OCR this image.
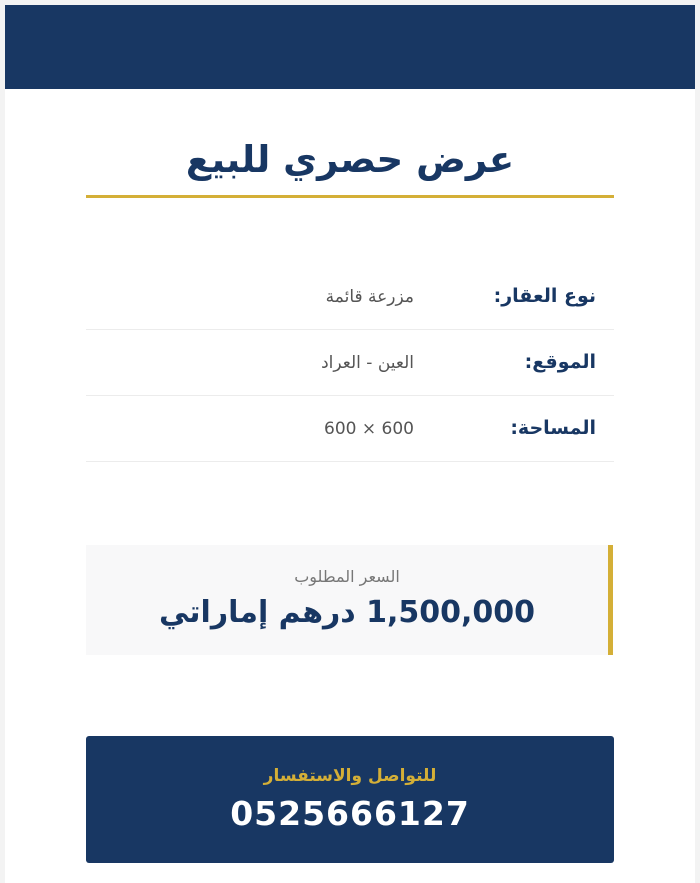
عرض حصري للبيع
نوع العقار:
مزرعة قائمة
الموقع:
العين - العراد
المساحة:
600 × 600
السعر المطلوب
1,500,000 درهم إماراتي
للتواصل والاستفسار
0525666127
